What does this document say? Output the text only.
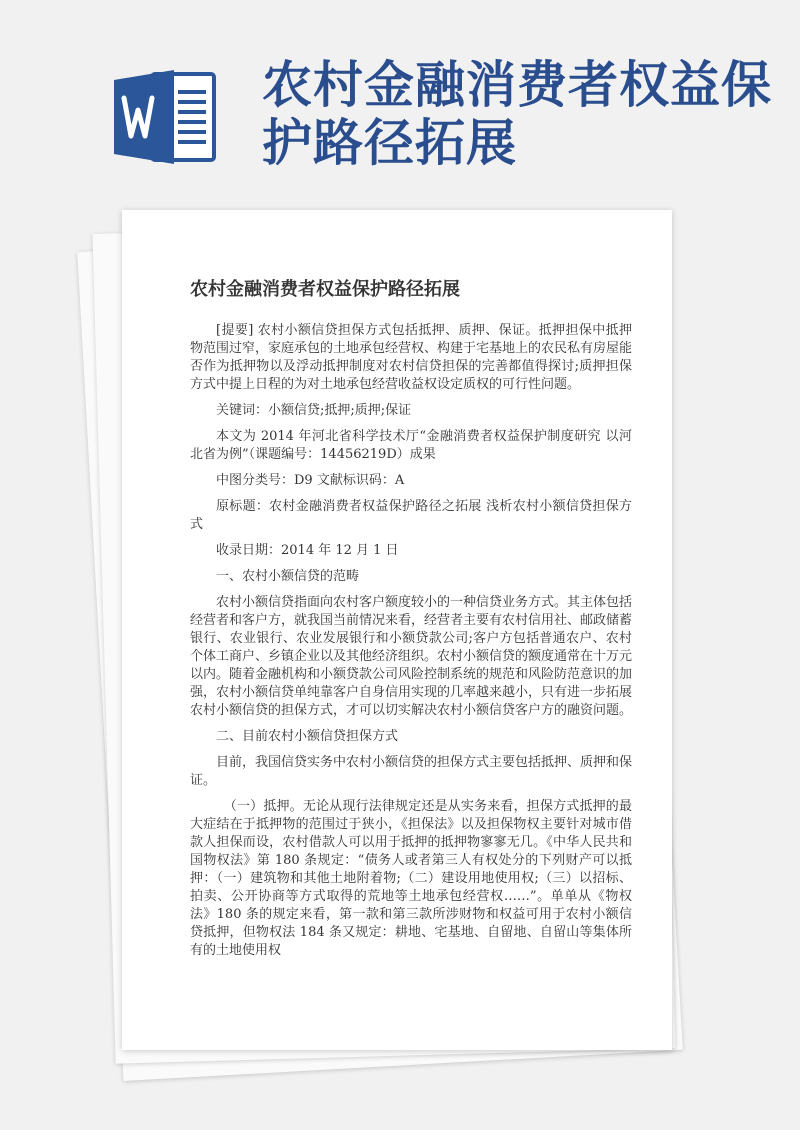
农村金融消费者权益保护路径拓展
农村金融消费者权益保护路径拓展

[提要] 农村小额信贷担保方式包括抵押、质押、保证。抵押担保中抵押物范围过窄，家庭承包的土地承包经营权、构建于宅基地上的农民私有房屋能否作为抵押物以及浮动抵押制度对农村信贷担保的完善都值得探讨;质押担保方式中提上日程的为对土地承包经营收益权设定质权的可行性问题。

关键词：小额信贷;抵押;质押;保证

本文为 2014 年河北省科学技术厅“金融消费者权益保护制度研究 以河北省为例”（课题编号：14456219D）成果

中图分类号：D9 文献标识码：A

原标题：农村金融消费者权益保护路径之拓展 浅析农村小额信贷担保方式

收录日期：2014 年 12 月 1 日

一、农村小额信贷的范畴

农村小额信贷指面向农村客户额度较小的一种信贷业务方式。其主体包括经营者和客户方，就我国当前情况来看，经营者主要有农村信用社、邮政储蓄银行、农业银行、农业发展银行和小额贷款公司;客户方包括普通农户、农村个体工商户、乡镇企业以及其他经济组织。农村小额信贷的额度通常在十万元以内。随着金融机构和小额贷款公司风险控制系统的规范和风险防范意识的加强，农村小额信贷单纯靠客户自身信用实现的几率越来越小，只有进一步拓展农村小额信贷的担保方式，才可以切实解决农村小额信贷客户方的融资问题。

二、目前农村小额信贷担保方式

目前，我国信贷实务中农村小额信贷的担保方式主要包括抵押、质押和保证。

（一）抵押。无论从现行法律规定还是从实务来看，担保方式抵押的最大症结在于抵押物的范围过于狭小，《担保法》以及担保物权主要针对城市借款人担保而设，农村借款人可以用于抵押的抵押物寥寥无几。《中华人民共和国物权法》第 180 条规定：“债务人或者第三人有权处分的下列财产可以抵押：（一）建筑物和其他土地附着物;（二）建设用地使用权;（三）以招标、拍卖、公开协商等方式取得的荒地等土地承包经营权……”。单单从《物权法》180 条的规定来看，第一款和第三款所涉财物和权益可用于农村小额信贷抵押，但物权法 184 条又规定：耕地、宅基地、自留地、自留山等集体所有的土地使用权
